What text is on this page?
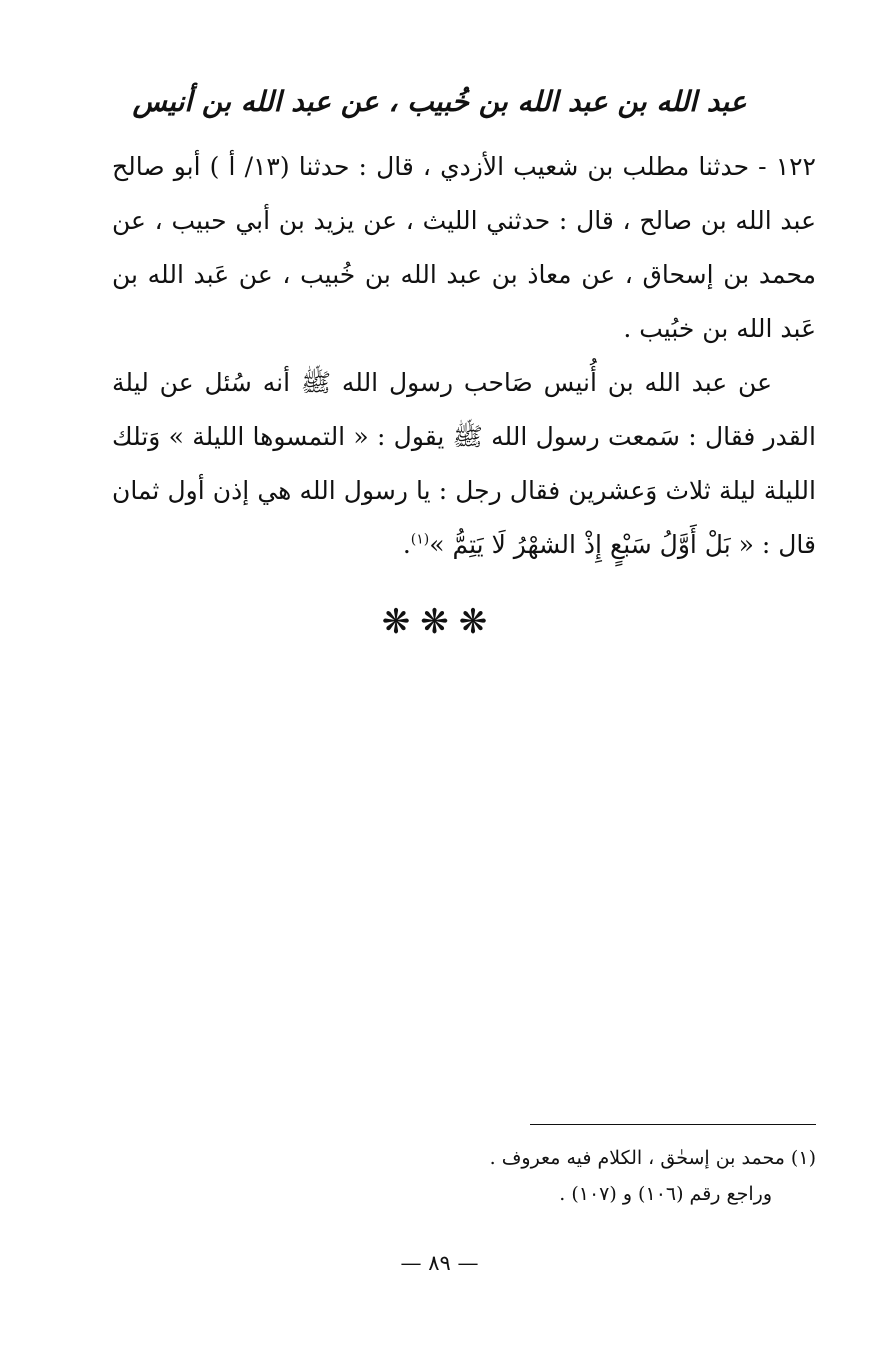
عبد الله بن عبد الله بن خُبيب ، عن عبد الله بن أنيس

١٢٢ - حدثنا مطلب بن شعيب الأزدي ، قال : حدثنا (١٣/ أ ) أبو صالح عبد الله بن صالح ، قال : حدثني الليث ، عن يزيد بن أبي حبيب ، عن محمد بن إسحاق ، عن معاذ بن عبد الله بن خُبيب ، عن عَبد الله بن عَبد الله بن خبُيب .

عن عبد الله بن أُنيس صَاحب رسول الله ﷺ أنه سُئل عن ليلة القدر فقال : سَمعت رسول الله ﷺ يقول : « التمسوها الليلة » وَتلك الليلة ليلة ثلاث وَعشرين فقال رجل : يا رسول الله هي إذن أول ثمان قال : « بَلْ أَوَّلُ سَبْعٍ إِذْ الشهْرُ لَا يَتِمُّ »$^{(١)}$.

❋❋❋

(١) محمد بن إسحٰق ، الكلام فيه معروف .

وراجع رقم (١٠٦) و (١٠٧) .

— ٨٩ —
